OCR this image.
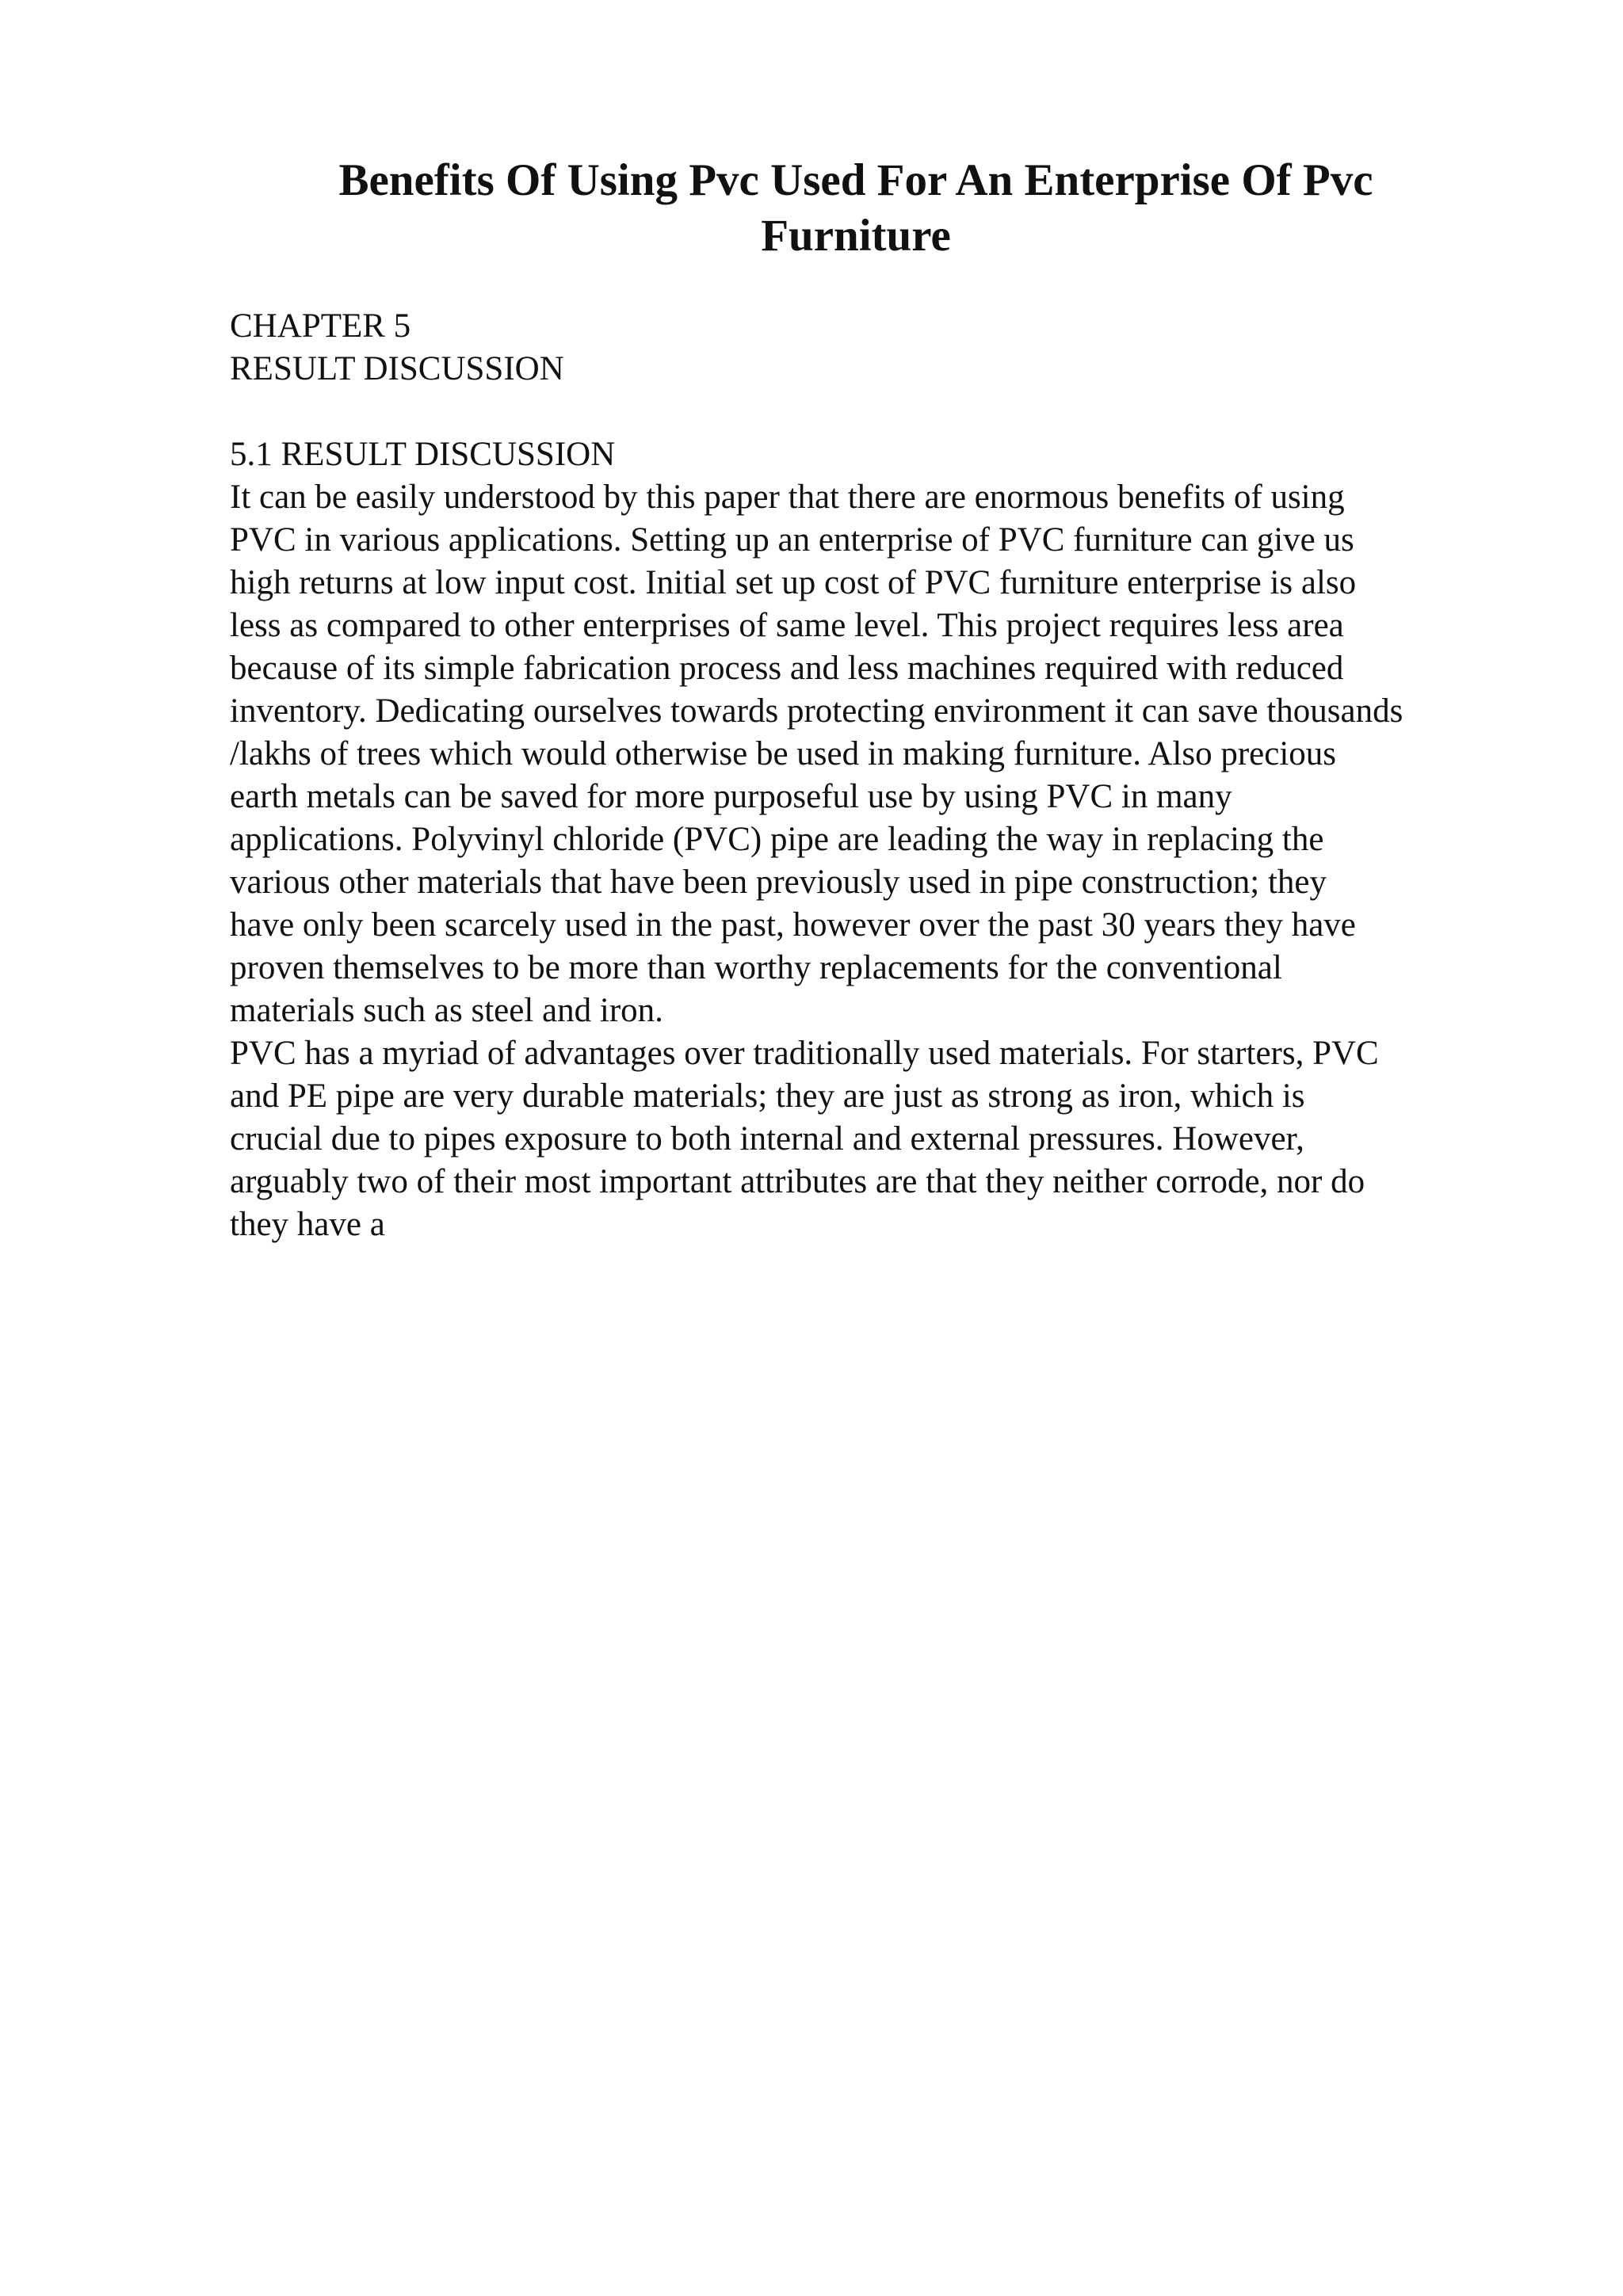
Benefits Of Using Pvc Used For An Enterprise Of Pvc
Furniture
CHAPTER 5
RESULT DISCUSSION
5.1 RESULT DISCUSSION
It can be easily understood by this paper that there are enormous benefits of using
PVC in various applications. Setting up an enterprise of PVC furniture can give us
high returns at low input cost. Initial set up cost of PVC furniture enterprise is also
less as compared to other enterprises of same level. This project requires less area
because of its simple fabrication process and less machines required with reduced
inventory. Dedicating ourselves towards protecting environment it can save thousands
/lakhs of trees which would otherwise be used in making furniture. Also precious
earth metals can be saved for more purposeful use by using PVC in many
applications. Polyvinyl chloride (PVC) pipe are leading the way in replacing the
various other materials that have been previously used in pipe construction; they
have only been scarcely used in the past, however over the past 30 years they have
proven themselves to be more than worthy replacements for the conventional
materials such as steel and iron.
PVC has a myriad of advantages over traditionally used materials. For starters, PVC
and PE pipe are very durable materials; they are just as strong as iron, which is
crucial due to pipes exposure to both internal and external pressures. However,
arguably two of their most important attributes are that they neither corrode, nor do
they have a
